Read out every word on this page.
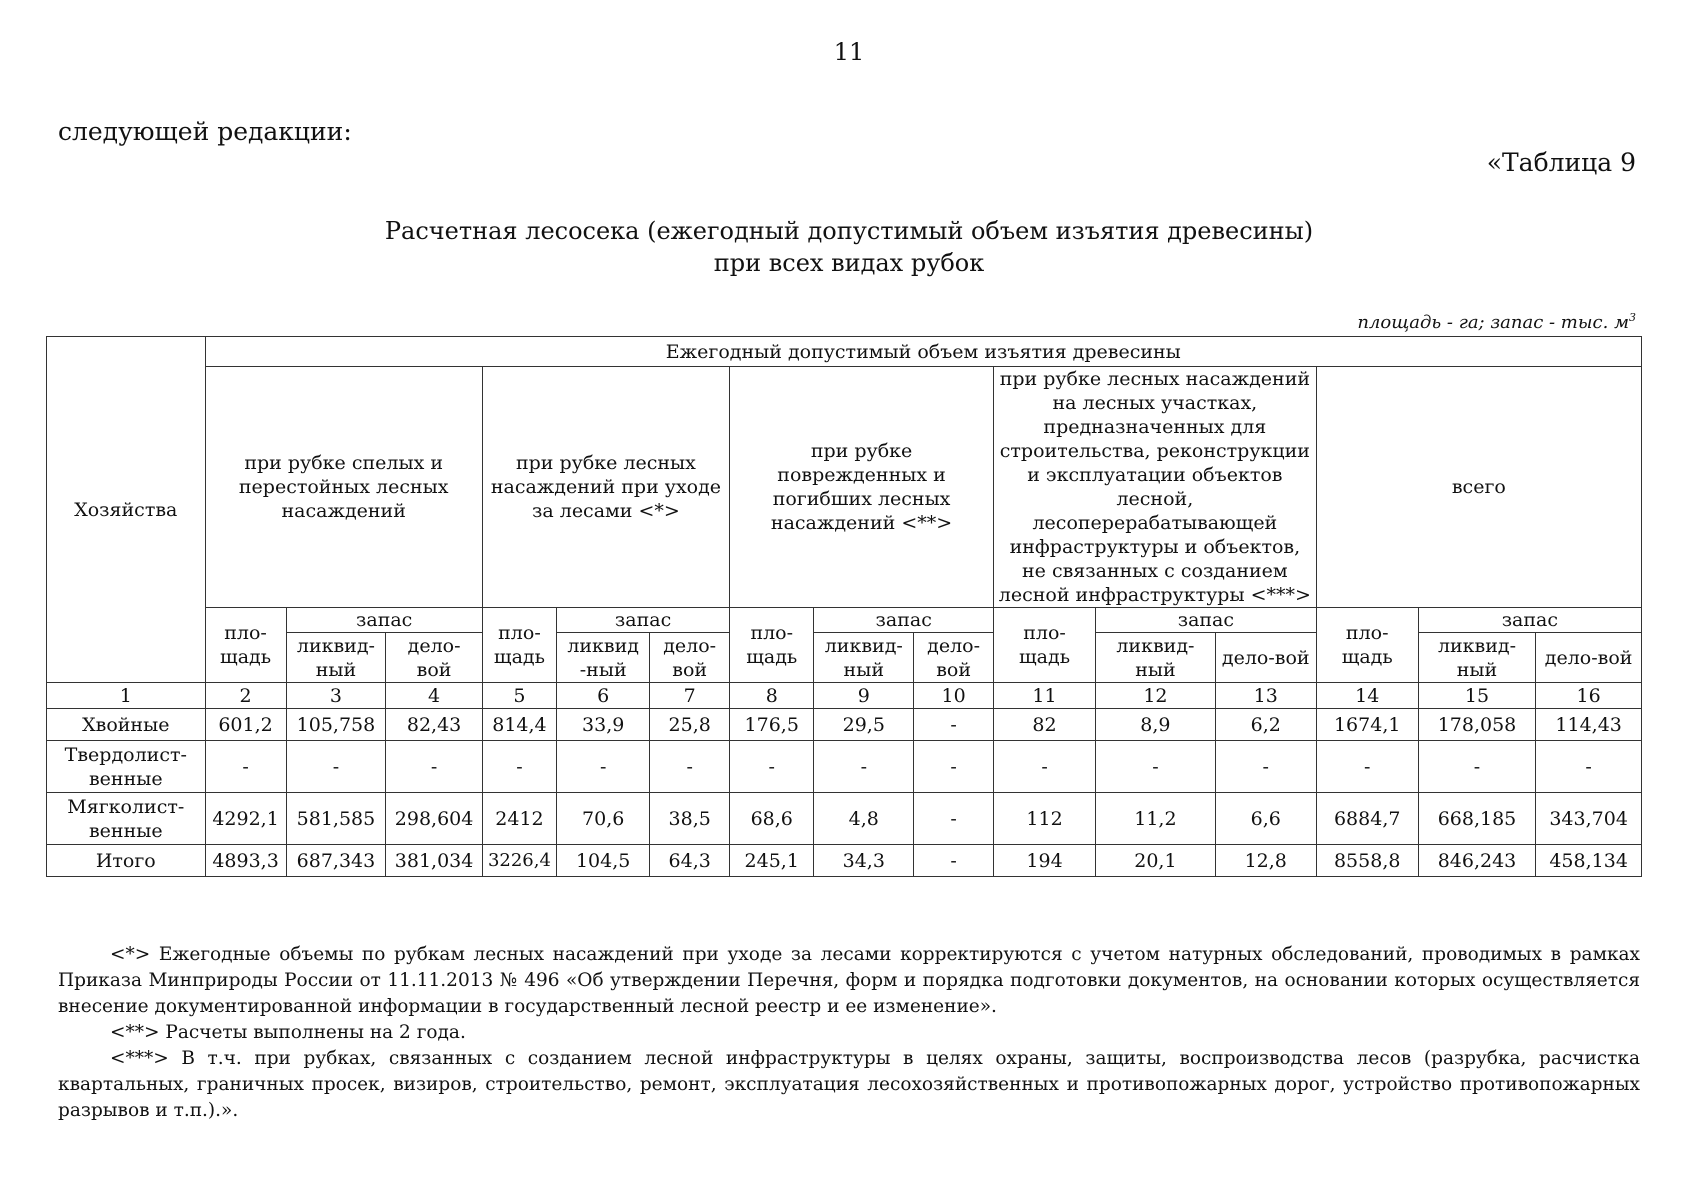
11
следующей редакции:
«Таблица 9
Расчетная лесосека (ежегодный допустимый объем изъятия древесины)
при всех видах рубок
площадь - га; запас - тыс. $м^3$
Хозяйства	Ежегодный допустимый объем изъятия древесины														
	при рубке спелых и перестойных лесных насаждений			при рубке лесных насаждений при уходе за лесами <*>			при рубке поврежденных и погибших лесных насаждений <**>			при рубке лесных насаждений на лесных участках, предназначенных для строительства, реконструкции и эксплуатации объектов лесной, лесоперерабатывающей инфраструктуры и объектов, не связанных с созданием лесной инфраструктуры <***>			всего		
	пло-щадь	запас		пло-щадь	запас		пло-щадь	запас		пло-щадь	запас		пло-щадь	запас	
		ликвид-ный	дело-вой		ликвид -ный	дело-вой		ликвид-ный	дело-вой		ликвид-ный	дело-вой		ликвид-ный	дело-вой
1	2	3	4	5	6	7	8	9	10	11	12	13	14	15	16
Хвойные	601,2	105,758	82,43	814,4	33,9	25,8	176,5	29,5	-	82	8,9	6,2	1674,1	178,058	114,43
Твердолист-венные	-	-	-	-	-	-	-	-	-	-	-	-	-	-	-
Мягколист-венные	4292,1	581,585	298,604	2412	70,6	38,5	68,6	4,8	-	112	11,2	6,6	6884,7	668,185	343,704
Итого	4893,3	687,343	381,034	3226,4	104,5	64,3	245,1	34,3	-	194	20,1	12,8	8558,8	846,243	458,134

<*> Ежегодные объемы по рубкам лесных насаждений при уходе за лесами корректируются с учетом натурных обследований, проводимых в рамках Приказа Минприроды России от 11.11.2013 № 496 «Об утверждении Перечня, форм и порядка подготовки документов, на основании которых осуществляется внесение документированной информации в государственный лесной реестр и ее изменение».

<**> Расчеты выполнены на 2 года.

<***> В т.ч. при рубках, связанных с созданием лесной инфраструктуры в целях охраны, защиты, воспроизводства лесов (разрубка, расчистка квартальных, граничных просек, визиров, строительство, ремонт, эксплуатация лесохозяйственных и противопожарных дорог, устройство противопожарных разрывов и т.п.).».
